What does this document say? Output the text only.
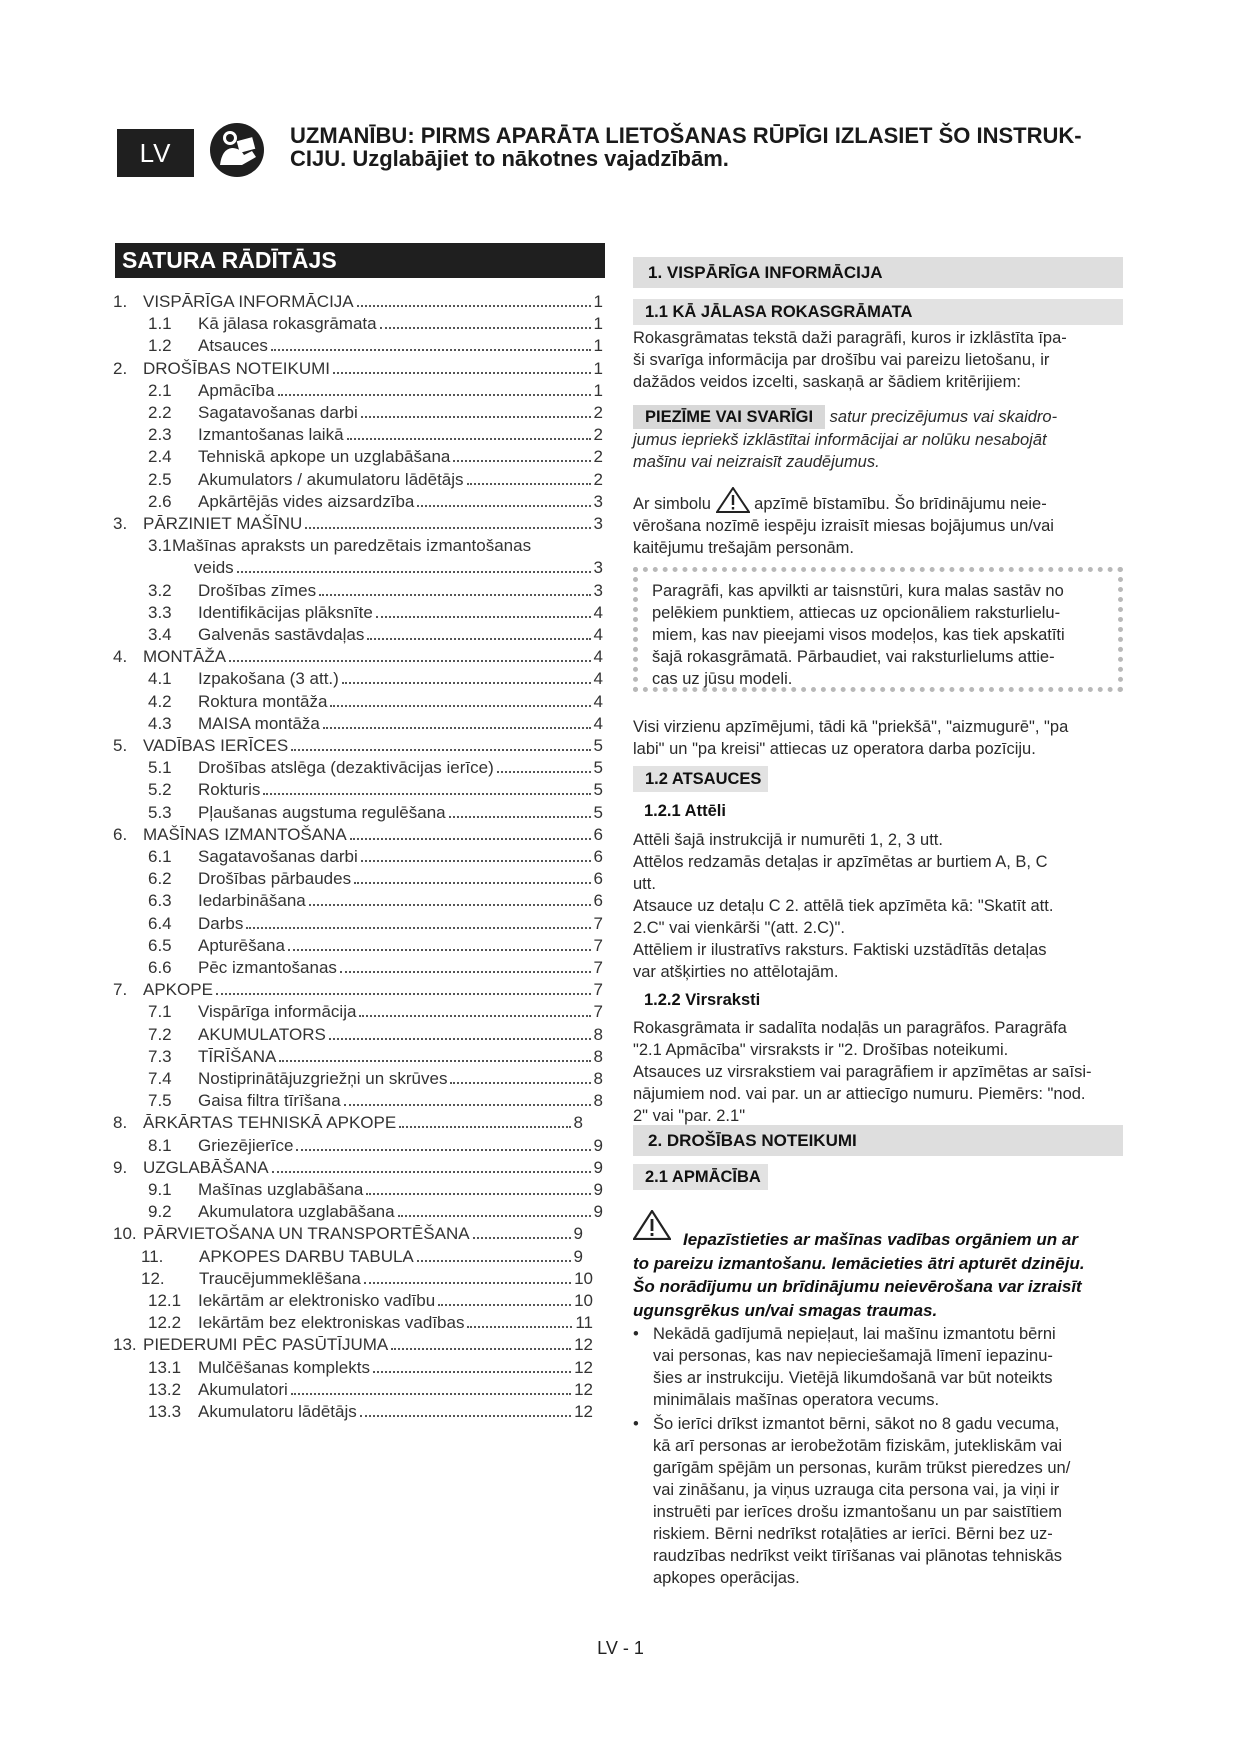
LV
UZMANĪBU: PIRMS APARĀTA LIETOŠANAS RŪPĪGI IZLASIET ŠO INSTRUK-
CIJU. Uzglabājiet to nākotnes vajadzībām.
SATURA RĀDĪTĀJS
1. VISPĀRĪGA INFORMĀCIJA	1
1.1	Kā jālasa rokasgrāmata	1
1.2	Atsauces	1
2. DROŠĪBAS NOTEIKUMI	1
2.1	Apmācība	1
2.2	Sagatavošanas darbi	2
2.3	Izmantošanas laikā	2
2.4	Tehniskā apkope un uzglabāšana	2
2.5	Akumulators / akumulatoru lādētājs	2
2.6	Apkārtējās vides aizsardzība	3
3. PĀRZINIET MAŠĪNU	3
3.1 Mašīnas apraksts un paredzētais izmantošanas
veids	3
3.2	Drošības zīmes	3
3.3	Identifikācijas plāksnīte	4
3.4	Galvenās sastāvdaļas	4
4. MONTĀŽA	4
4.1	Izpakošana (3 att.)	4
4.2	Roktura montāža	4
4.3	MAISA montāža	4
5. VADĪBAS IERĪCES	5
5.1	Drošības atslēga (dezaktivācijas ierīce)	5
5.2	Rokturis	5
5.3	Pļaušanas augstuma regulēšana	5
6. MAŠĪNAS IZMANTOŠANA	6
6.1	Sagatavošanas darbi	6
6.2	Drošības pārbaudes	6
6.3	Iedarbināšana	6
6.4	Darbs	7
6.5	Apturēšana	7
6.6	Pēc izmantošanas	7
7. APKOPE	7
7.1	Vispārīga informācija	7
7.2	AKUMULATORS	8
7.3	TĪRĪŠANA	8
7.4	Nostiprinātājuzgriežņi un skrūves	8
7.5	Gaisa filtra tīrīšana	8
8. ĀRKĀRTAS TEHNISKĀ APKOPE	8
8.1	Griezējierīce	9
9. UZGLABĀŠANA	9
9.1	Mašīnas uzglabāšana	9
9.2	Akumulatora uzglabāšana	9
10. PĀRVIETOŠANA UN TRANSPORTĒŠANA	9
11.	APKOPES DARBU TABULA	9
12.	Traucējummeklēšana	10
12.1 Iekārtām ar elektronisko vadību	10
12.2 Iekārtām bez elektroniskas vadības	11
13. PIEDERUMI PĒC PASŪTĪJUMA	12
13.1 Mulčēšanas komplekts	12
13.2 Akumulatori	12
13.3 Akumulatoru lādētājs	12
1. VISPĀRĪGA INFORMĀCIJA
1.1 KĀ JĀLASA ROKASGRĀMATA
Rokasgrāmatas tekstā daži paragrāfi, kuros ir izklāstīta īpa-
ši svarīga informācija par drošību vai pareizu lietošanu, ir
dažādos veidos izcelti, saskaņā ar šādiem kritērijiem:
PIEZĪME VAI SVARĪGI satur precizējumus vai skaidro-
jumus iepriekš izklāstītai informācijai ar nolūku nesabojāt
mašīnu vai neizraisīt zaudējumus.
Ar simbolu	apzīmē bīstamību. Šo brīdinājumu neie-
vērošana nozīmē iespēju izraisīt miesas bojājumus un/vai
kaitējumu trešajām personām.
Paragrāfi, kas apvilkti ar taisnstūri, kura malas sastāv no
pelēkiem punktiem, attiecas uz opcionāliem raksturlielu-
miem, kas nav pieejami visos modeļos, kas tiek apskatīti
šajā rokasgrāmatā. Pārbaudiet, vai raksturlielums attie-
cas uz jūsu modeli.
Visi virzienu apzīmējumi, tādi kā "priekšā", "aizmugurē", "pa
labi" un "pa kreisi" attiecas uz operatora darba pozīciju.
1.2 ATSAUCES
1.2.1 Attēli
Attēli šajā instrukcijā ir numurēti 1, 2, 3 utt.
Attēlos redzamās detaļas ir apzīmētas ar burtiem A, B, C
utt.
Atsauce uz detaļu C 2. attēlā tiek apzīmēta kā: "Skatīt att.
2.C" vai vienkārši "(att. 2.C)".
Attēliem ir ilustratīvs raksturs. Faktiski uzstādītās detaļas
var atšķirties no attēlotajām.
1.2.2 Virsraksti
Rokasgrāmata ir sadalīta nodaļās un paragrāfos. Paragrāfa
"2.1 Apmācība" virsraksts ir "2. Drošības noteikumi.
Atsauces uz virsrakstiem vai paragrāfiem ir apzīmētas ar saīsi-
nājumiem nod. vai par. un ar attiecīgo numuru. Piemērs: "nod.
2" vai "par. 2.1"
2. DROŠĪBAS NOTEIKUMI
2.1 APMĀCĪBA
Iepazīstieties ar mašīnas vadības orgāniem un ar
to pareizu izmantošanu. Iemācieties ātri apturēt dzinēju.
Šo norādījumu un brīdinājumu neievērošana var izraisīt
ugunsgrēkus un/vai smagas traumas.
• Nekādā gadījumā nepieļaut, lai mašīnu izmantotu bērni
vai personas, kas nav nepieciešamajā līmenī iepazinu-
šies ar instrukciju. Vietējā likumdošanā var būt noteikts
minimālais mašīnas operatora vecums.
• Šo ierīci drīkst izmantot bērni, sākot no 8 gadu vecuma,
kā arī personas ar ierobežotām fiziskām, jutekliskām vai
garīgām spējām un personas, kurām trūkst pieredzes un/
vai zināšanu, ja viņus uzrauga cita persona vai, ja viņi ir
instruēti par ierīces drošu izmantošanu un par saistītiem
riskiem. Bērni nedrīkst rotaļāties ar ierīci. Bērni bez uz-
raudzības nedrīkst veikt tīrīšanas vai plānotas tehniskās
apkopes operācijas.
LV - 1
